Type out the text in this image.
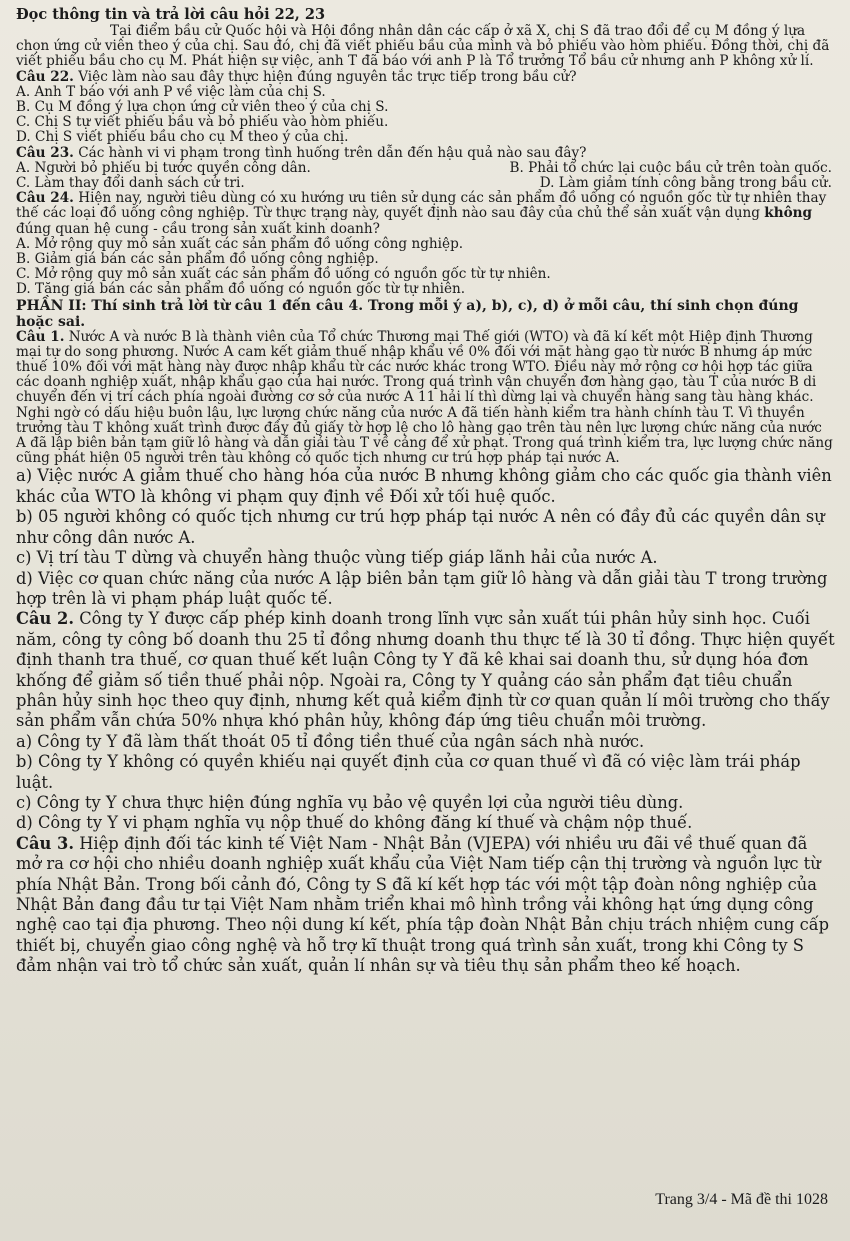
Đọc thông tin và trả lời câu hỏi 22, 23

Tại điểm bầu cử Quốc hội và Hội đồng nhân dân các cấp ở xã X, chị S đã trao đổi để cụ M đồng ý lựa chọn ứng cử viên theo ý của chị. Sau đó, chị đã viết phiếu bầu của mình và bỏ phiếu vào hòm phiếu. Đồng thời, chị đã viết phiếu bầu cho cụ M. Phát hiện sự việc, anh T đã báo với anh P là Tổ trưởng Tổ bầu cử nhưng anh P không xử lí.

Câu 22. Việc làm nào sau đây thực hiện đúng nguyên tắc trực tiếp trong bầu cử?

A. Anh T báo với anh P về việc làm của chị S.
B. Cụ M đồng ý lựa chọn ứng cử viên theo ý của chị S.
C. Chị S tự viết phiếu bầu và bỏ phiếu vào hòm phiếu.
D. Chị S viết phiếu bầu cho cụ M theo ý của chị.

Câu 23. Các hành vi vi phạm trong tình huống trên dẫn đến hậu quả nào sau đây?

A. Người bỏ phiếu bị tước quyền công dân.	B. Phải tổ chức lại cuộc bầu cử trên toàn quốc.
C. Làm thay đổi danh sách cử tri.	D. Làm giảm tính công bằng trong bầu cử.

Câu 24. Hiện nay, người tiêu dùng có xu hướng ưu tiên sử dụng các sản phẩm đồ uống có nguồn gốc từ tự nhiên thay thế các loại đồ uống công nghiệp. Từ thực trạng này, quyết định nào sau đây của chủ thể sản xuất vận dụng không đúng quan hệ cung - cầu trong sản xuất kinh doanh?

A. Mở rộng quy mô sản xuất các sản phẩm đồ uống công nghiệp.
B. Giảm giá bán các sản phẩm đồ uống công nghiệp.
C. Mở rộng quy mô sản xuất các sản phẩm đồ uống có nguồn gốc từ tự nhiên.
D. Tăng giá bán các sản phẩm đồ uống có nguồn gốc từ tự nhiên.

PHẦN II: Thí sinh trả lời từ câu 1 đến câu 4. Trong mỗi ý a), b), c), d) ở mỗi câu, thí sinh chọn đúng hoặc sai.

Câu 1. Nước A và nước B là thành viên của Tổ chức Thương mại Thế giới (WTO) và đã kí kết một Hiệp định Thương mại tự do song phương. Nước A cam kết giảm thuế nhập khẩu về 0% đối với mặt hàng gạo từ nước B nhưng áp mức thuế 10% đối với mặt hàng này được nhập khẩu từ các nước khác trong WTO. Điều này mở rộng cơ hội hợp tác giữa các doanh nghiệp xuất, nhập khẩu gạo của hai nước. Trong quá trình vận chuyển đơn hàng gạo, tàu T của nước B di chuyển đến vị trí cách phía ngoài đường cơ sở của nước A 11 hải lí thì dừng lại và chuyển hàng sang tàu hàng khác. Nghi ngờ có dấu hiệu buôn lậu, lực lượng chức năng của nước A đã tiến hành kiểm tra hành chính tàu T. Vì thuyền trưởng tàu T không xuất trình được đầy đủ giấy tờ hợp lệ cho lô hàng gạo trên tàu nên lực lượng chức năng của nước A đã lập biên bản tạm giữ lô hàng và dẫn giải tàu T về cảng để xử phạt. Trong quá trình kiểm tra, lực lượng chức năng cũng phát hiện 05 người trên tàu không có quốc tịch nhưng cư trú hợp pháp tại nước A.

a) Việc nước A giảm thuế cho hàng hóa của nước B nhưng không giảm cho các quốc gia thành viên khác của WTO là không vi phạm quy định về Đối xử tối huệ quốc.
b) 05 người không có quốc tịch nhưng cư trú hợp pháp tại nước A nên có đầy đủ các quyền dân sự như công dân nước A.
c) Vị trí tàu T dừng và chuyển hàng thuộc vùng tiếp giáp lãnh hải của nước A.
d) Việc cơ quan chức năng của nước A lập biên bản tạm giữ lô hàng và dẫn giải tàu T trong trường hợp trên là vi phạm pháp luật quốc tế.

Câu 2. Công ty Y được cấp phép kinh doanh trong lĩnh vực sản xuất túi phân hủy sinh học. Cuối năm, công ty công bố doanh thu 25 tỉ đồng nhưng doanh thu thực tế là 30 tỉ đồng. Thực hiện quyết định thanh tra thuế, cơ quan thuế kết luận Công ty Y đã kê khai sai doanh thu, sử dụng hóa đơn khống để giảm số tiền thuế phải nộp. Ngoài ra, Công ty Y quảng cáo sản phẩm đạt tiêu chuẩn phân hủy sinh học theo quy định, nhưng kết quả kiểm định từ cơ quan quản lí môi trường cho thấy sản phẩm vẫn chứa 50% nhựa khó phân hủy, không đáp ứng tiêu chuẩn môi trường.

a) Công ty Y đã làm thất thoát 05 tỉ đồng tiền thuế của ngân sách nhà nước.
b) Công ty Y không có quyền khiếu nại quyết định của cơ quan thuế vì đã có việc làm trái pháp luật.
c) Công ty Y chưa thực hiện đúng nghĩa vụ bảo vệ quyền lợi của người tiêu dùng.
d) Công ty Y vi phạm nghĩa vụ nộp thuế do không đăng kí thuế và chậm nộp thuế.

Câu 3. Hiệp định đối tác kinh tế Việt Nam - Nhật Bản (VJEPA) với nhiều ưu đãi về thuế quan đã mở ra cơ hội cho nhiều doanh nghiệp xuất khẩu của Việt Nam tiếp cận thị trường và nguồn lực từ phía Nhật Bản. Trong bối cảnh đó, Công ty S đã kí kết hợp tác với một tập đoàn nông nghiệp của Nhật Bản đang đầu tư tại Việt Nam nhằm triển khai mô hình trồng vải không hạt ứng dụng công nghệ cao tại địa phương. Theo nội dung kí kết, phía tập đoàn Nhật Bản chịu trách nhiệm cung cấp thiết bị, chuyển giao công nghệ và hỗ trợ kĩ thuật trong quá trình sản xuất, trong khi Công ty S đảm nhận vai trò tổ chức sản xuất, quản lí nhân sự và tiêu thụ sản phẩm theo kế hoạch.

Trang 3/4 - Mã đề thi 1028
